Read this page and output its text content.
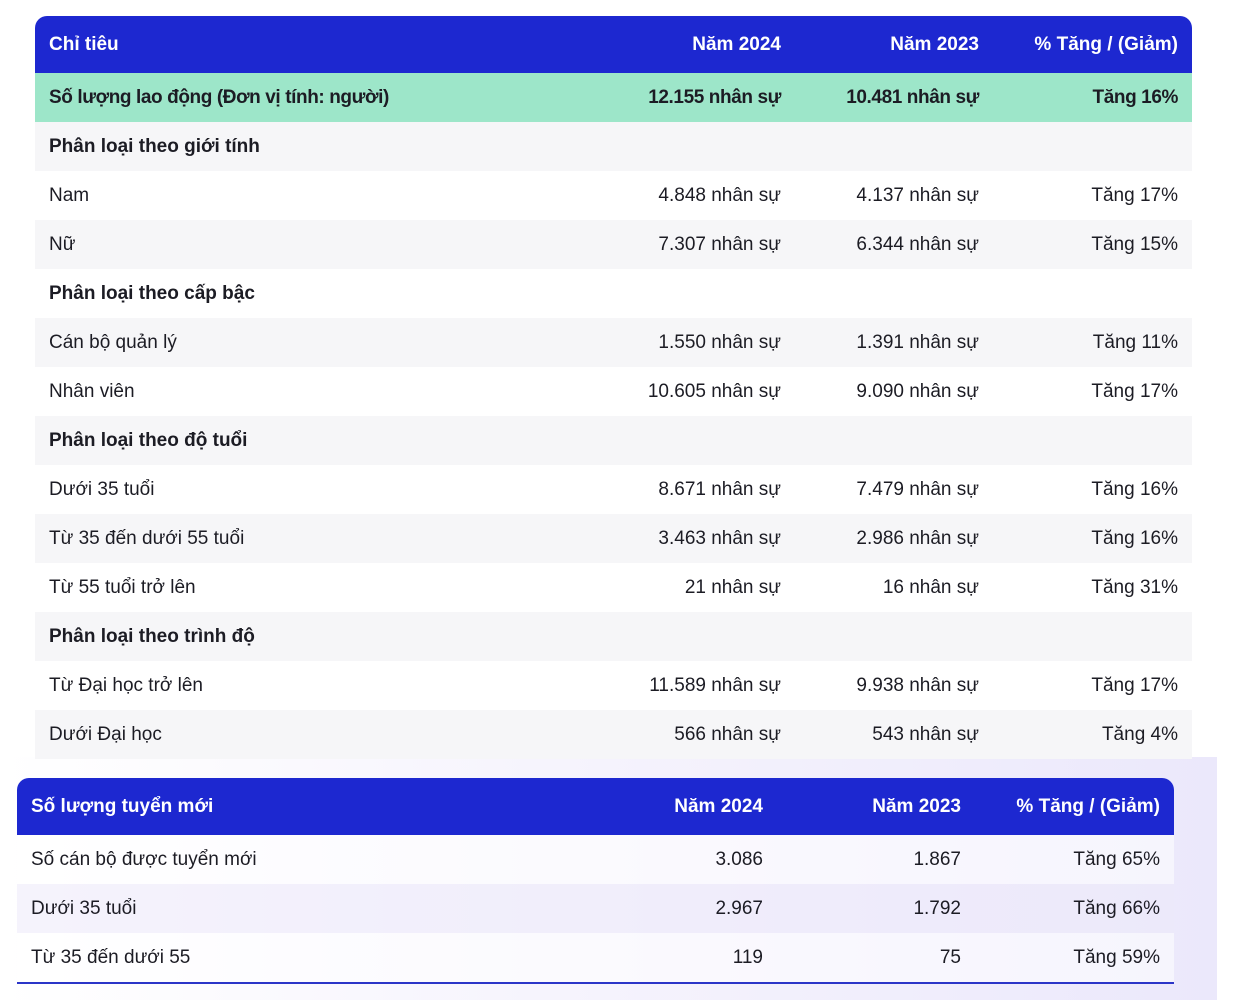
Chỉ tiêu	Năm 2024	Năm 2023	% Tăng / (Giảm)
Số lượng lao động (Đơn vị tính: người)	12.155 nhân sự	10.481 nhân sự	Tăng 16%
Phân loại theo giới tính			
Nam	4.848 nhân sự	4.137 nhân sự	Tăng 17%
Nữ	7.307 nhân sự	6.344 nhân sự	Tăng 15%
Phân loại theo cấp bậc			
Cán bộ quản lý	1.550 nhân sự	1.391 nhân sự	Tăng 11%
Nhân viên	10.605 nhân sự	9.090 nhân sự	Tăng 17%
Phân loại theo độ tuổi			
Dưới 35 tuổi	8.671 nhân sự	7.479 nhân sự	Tăng 16%
Từ 35 đến dưới 55 tuổi	3.463 nhân sự	2.986 nhân sự	Tăng 16%
Từ 55 tuổi trở lên	21 nhân sự	16 nhân sự	Tăng 31%
Phân loại theo trình độ			
Từ Đại học trở lên	11.589 nhân sự	9.938 nhân sự	Tăng 17%
Dưới Đại học	566 nhân sự	543 nhân sự	Tăng 4%
Số lượng tuyển mới	Năm 2024	Năm 2023	% Tăng / (Giảm)
Số cán bộ được tuyển mới	3.086	1.867	Tăng 65%
Dưới 35 tuổi	2.967	1.792	Tăng 66%
Từ 35 đến dưới 55	119	75	Tăng 59%
